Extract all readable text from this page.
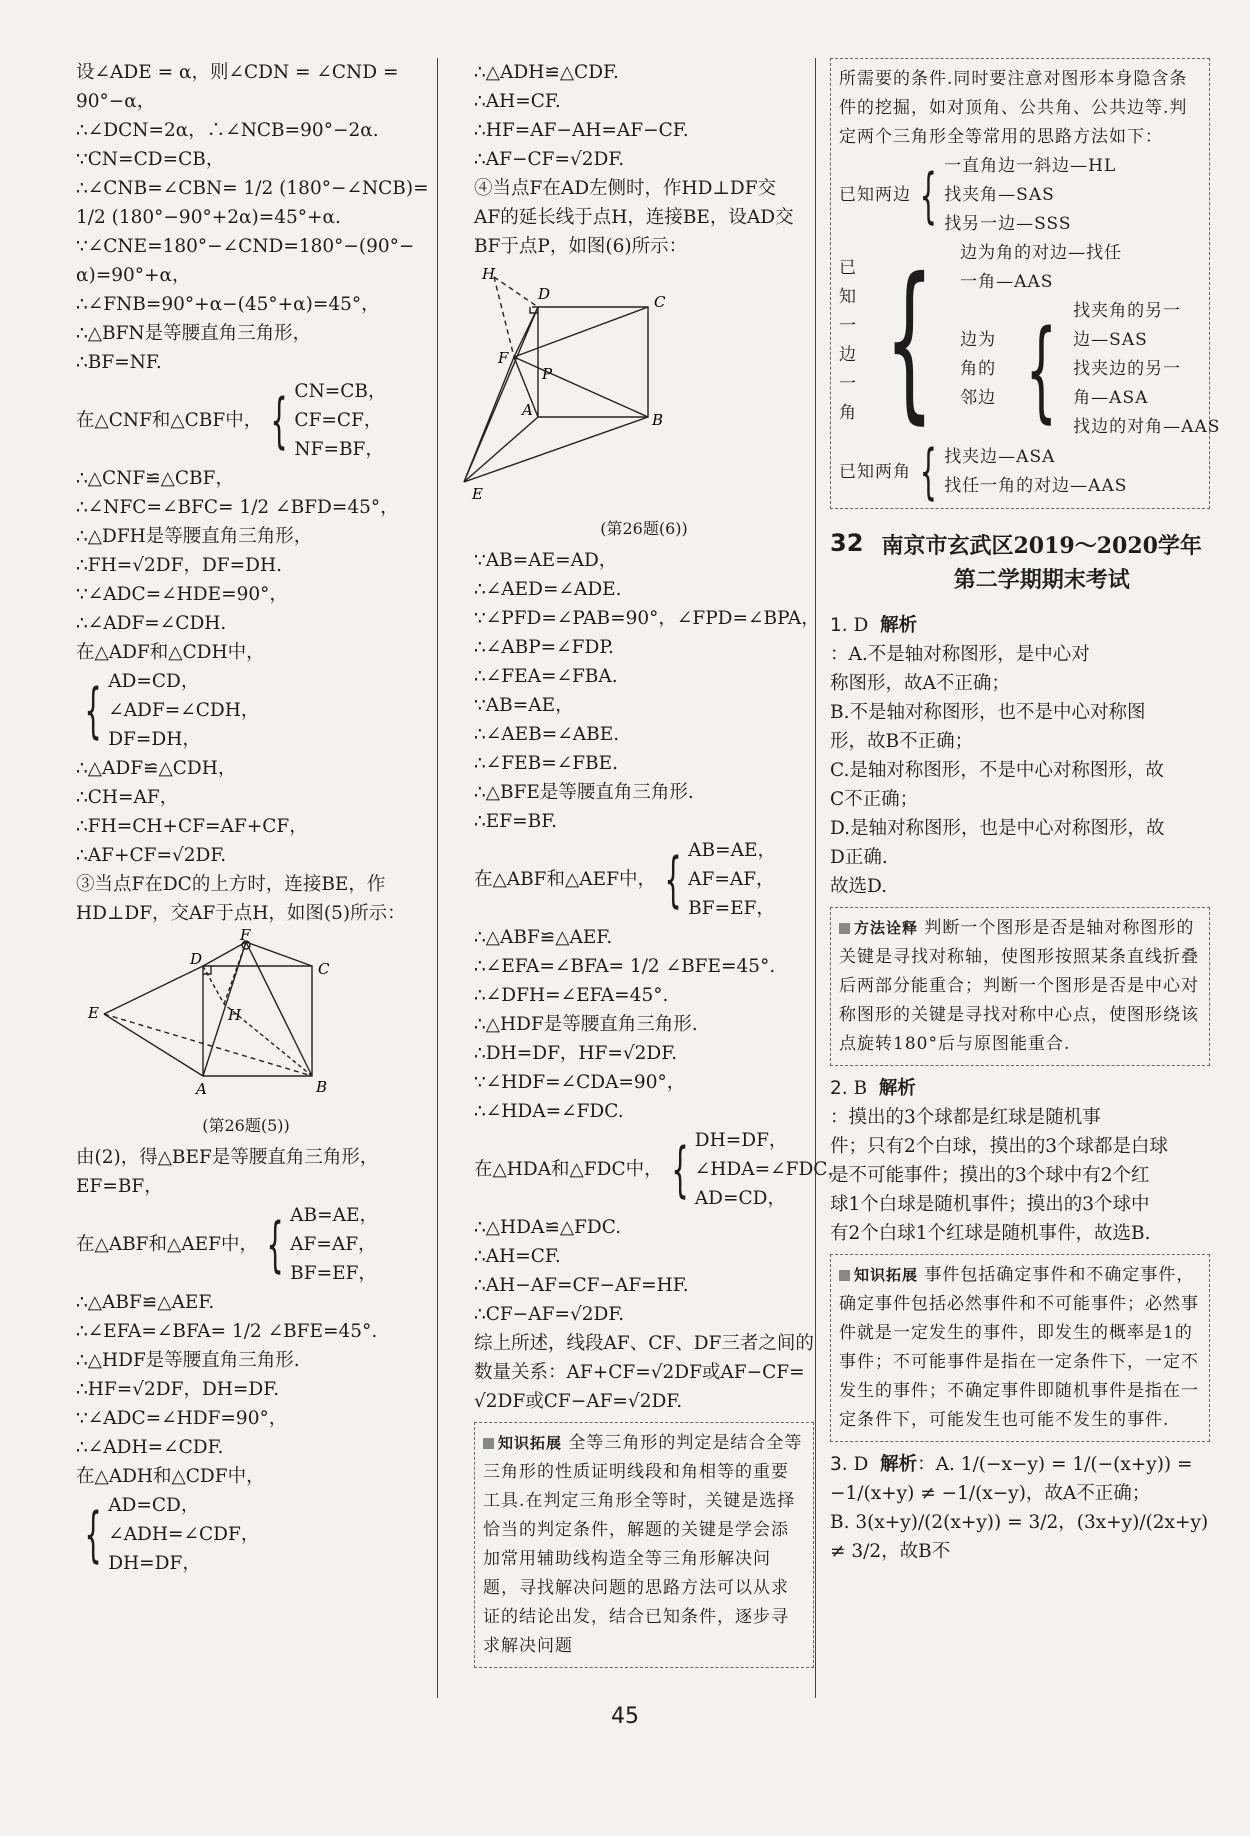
设∠ADE = α，则∠CDN = ∠CND =
90°−α，
∴∠DCN=2α，∴∠NCB=90°−2α.
∵CN=CD=CB，
∴∠CNB=∠CBN= 1/2 (180°−∠NCB)=
1/2 (180°−90°+2α)=45°+α.
∵∠CNE=180°−∠CND=180°−(90°−
α)=90°+α，
∴∠FNB=90°+α−(45°+α)=45°，
∴△BFN是等腰直角三角形，
∴BF=NF.
在△CNF和△CBF中， { CN=CB，
CF=CF，
NF=BF，
∴△CNF≌△CBF，
∴∠NFC=∠BFC= 1/2 ∠BFD=45°，
∴△DFH是等腰直角三角形，
∴FH=√2DF，DF=DH.
∵∠ADC=∠HDE=90°，
∴∠ADF=∠CDH.
在△ADF和△CDH中，
{ AD=CD，
∠ADF=∠CDH，
DF=DH，
∴△ADF≌△CDH，
∴CH=AF，
∴FH=CH+CF=AF+CF，
∴AF+CF=√2DF.
③当点F在DC的上方时，连接BE，作
HD⊥DF，交AF于点H，如图(5)所示：
F
D
C
E	H
A	B
(第26题(5))
由(2)，得△BEF是等腰直角三角形，
EF=BF，
在△ABF和△AEF中， { AB=AE，
AF=AF，
BF=EF，
∴△ABF≌△AEF.
∴∠EFA=∠BFA= 1/2 ∠BFE=45°.
∴△HDF是等腰直角三角形.
∴HF=√2DF，DH=DF.
∵∠ADC=∠HDF=90°，
∴∠ADH=∠CDF.
在△ADH和△CDF中，
{ AD=CD，
∠ADH=∠CDF，
DH=DF，
∴△ADH≌△CDF.
∴AH=CF.
∴HF=AF−AH=AF−CF.
∴AF−CF=√2DF.
④当点F在AD左侧时，作HD⊥DF交
AF的延长线于点H，连接BE，设AD交
BF于点P，如图(6)所示：
H
D	C
F
P
A
B
E
(第26题(6))
∵AB=AE=AD，
∴∠AED=∠ADE.
∵∠PFD=∠PAB=90°，∠FPD=∠BPA，
∴∠ABP=∠FDP.
∴∠FEA=∠FBA.
∵AB=AE，
∴∠AEB=∠ABE.
∴∠FEB=∠FBE.
∴△BFE是等腰直角三角形.
∴EF=BF.
在△ABF和△AEF中， { AB=AE，
AF=AF，
BF=EF，
∴△ABF≌△AEF.
∴∠EFA=∠BFA= 1/2 ∠BFE=45°.
∴∠DFH=∠EFA=45°.
∴△HDF是等腰直角三角形.
∴DH=DF，HF=√2DF.
∵∠HDF=∠CDA=90°，
∴∠HDA=∠FDC.
在△HDA和△FDC中， { DH=DF，
∠HDA=∠FDC，
AD=CD，
∴△HDA≌△FDC.
∴AH=CF.
∴AH−AF=CF−AF=HF.
∴CF−AF=√2DF.
综上所述，线段AF、CF、DF三者之间的
数量关系：AF+CF=√2DF或AF−CF=
√2DF或CF−AF=√2DF.
知识拓展 全等三角形的判定是结合全等三角形的性质证明线段和角相等的重要工具.在判定三角形全等时，关键是选择恰当的判定条件，解题的关键是学会添加常用辅助线构造全等三角形解决问题，寻找解决问题的思路方法可以从求证的结论出发，结合已知条件，逐步寻求解决问题
所需要的条件.同时要注意对图形本身隐含条件的挖掘，如对顶角、公共角、公共边等.判定两个三角形全等常用的思路方法如下：
已知两边 { 一直角边一斜边—HL
找夹角—SAS
找另一边—SSS
已知一边一角 { 边为角的对边—找任
一角—AAS
边为角的邻边 { 找夹角的另一
边—SAS
找夹边的另一
角—ASA
找边的对角—AAS
已知两角 { 找夹边—ASA
找任一角的对边—AAS
32 南京市玄武区2019～2020学年第二学期期末考试
1. D 解析
：A.不是轴对称图形，是中心对
称图形，故A不正确；
B.不是轴对称图形，也不是中心对称图
形，故B不正确；
C.是轴对称图形，不是中心对称图形，故
C不正确；
D.是轴对称图形，也是中心对称图形，故
D正确.
故选D.
方法诠释 判断一个图形是否是轴对称图形的关键是寻找对称轴，使图形按照某条直线折叠后两部分能重合；判断一个图形是否是中心对称图形的关键是寻找对称中心点，使图形绕该点旋转180°后与原图能重合.
2. B 解析
：摸出的3个球都是红球是随机事
件；只有2个白球，摸出的3个球都是白球
是不可能事件；摸出的3个球中有2个红
球1个白球是随机事件；摸出的3个球中
有2个白球1个红球是随机事件，故选B.
知识拓展 事件包括确定事件和不确定事件，确定事件包括必然事件和不可能事件；必然事件就是一定发生的事件，即发生的概率是1的事件；不可能事件是指在一定条件下，一定不发生的事件；不确定事件即随机事件是指在一定条件下，可能发生也可能不发生的事件.
3. D 解析：A. 1/(−x−y) = 1/(−(x+y)) =
−1/(x+y) ≠ −1/(x−y)，故A不正确；
B. 3(x+y)/(2(x+y)) = 3/2，(3x+y)/(2x+y) ≠ 3/2，故B不
45
